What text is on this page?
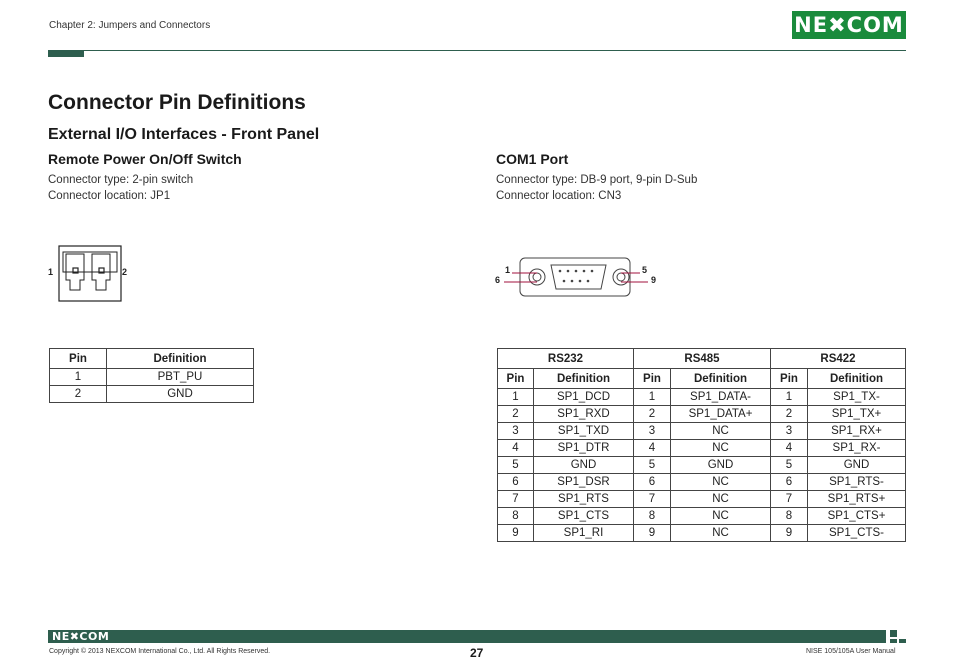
Chapter 2: Jumpers and Connectors	NE✖COM
Connector Pin Definitions
External I/O Interfaces - Front Panel
Remote Power On/Off Switch
Connector type: 2-pin switch
Connector location: JP1
1	2
Pin	Definition
1	PBT_PU
2	GND
COM1 Port
Connector type: DB-9 port, 9-pin D-Sub
Connector location: CN3
1	5
6	9
RS232		RS485		RS422	
Pin	Definition	Pin	Definition	Pin	Definition
1	SP1_DCD	1	SP1_DATA-	1	SP1_TX-
2	SP1_RXD	2	SP1_DATA+	2	SP1_TX+
3	SP1_TXD	3	NC	3	SP1_RX+
4	SP1_DTR	4	NC	4	SP1_RX-
5	GND	5	GND	5	GND
6	SP1_DSR	6	NC	6	SP1_RTS-
7	SP1_RTS	7	NC	7	SP1_RTS+
8	SP1_CTS	8	NC	8	SP1_CTS+
9	SP1_RI	9	NC	9	SP1_CTS-
NE✖COM
Copyright © 2013 NEXCOM International Co., Ltd. All Rights Reserved.	27	NISE 105/105A User Manual
